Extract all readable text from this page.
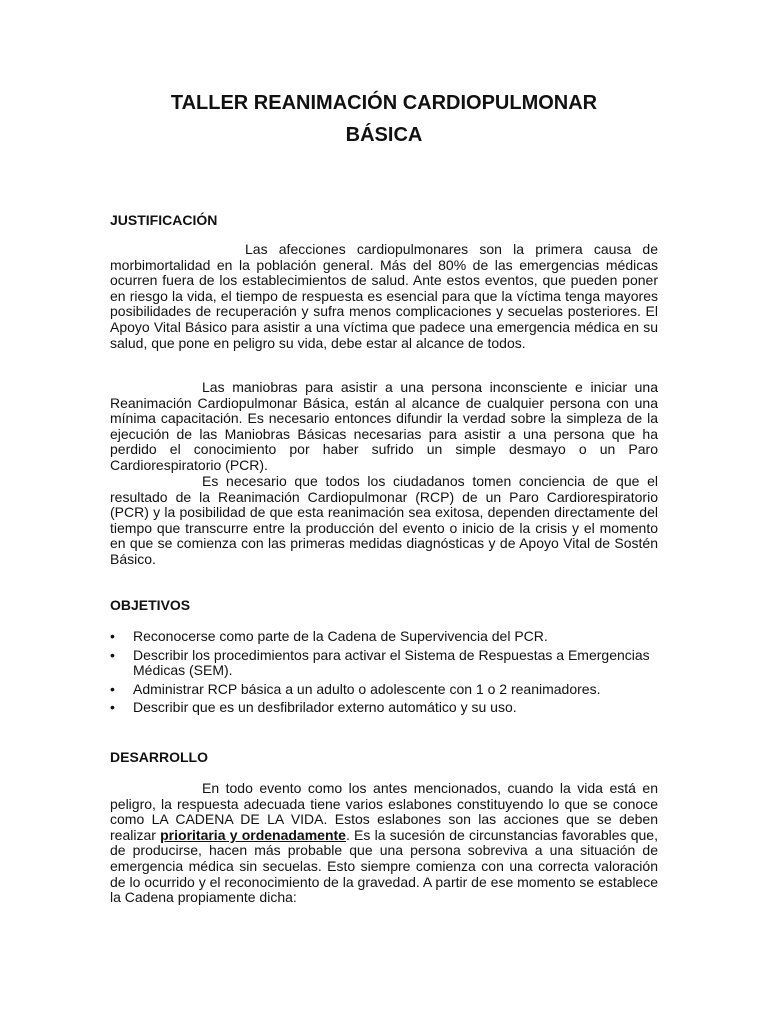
TALLER REANIMACIÓN CARDIOPULMONAR
BÁSICA
JUSTIFICACIÓN

Las afecciones cardiopulmonares son la primera causa de morbimortalidad en la población general. Más del 80% de las emergencias médicas ocurren fuera de los establecimientos de salud. Ante estos eventos, que pueden poner en riesgo la vida, el tiempo de respuesta es esencial para que la víctima tenga mayores posibilidades de recuperación y sufra menos complicaciones y secuelas posteriores. El Apoyo Vital Básico para asistir a una víctima que padece una emergencia médica en su salud, que pone en peligro su vida, debe estar al alcance de todos.

Las maniobras para asistir a una persona inconsciente e iniciar una Reanimación Cardiopulmonar Básica, están al alcance de cualquier persona con una mínima capacitación. Es necesario entonces difundir la verdad sobre la simpleza de la ejecución de las Maniobras Básicas necesarias para asistir a una persona que ha perdido el conocimiento por haber sufrido un simple desmayo o un Paro Cardiorespiratorio (PCR).

Es necesario que todos los ciudadanos tomen conciencia de que el resultado de la Reanimación Cardiopulmonar (RCP) de un Paro Cardiorespiratorio (PCR) y la posibilidad de que esta reanimación sea exitosa, dependen directamente del tiempo que transcurre entre la producción del evento o inicio de la crisis y el momento en que se comienza con las primeras medidas diagnósticas y de Apoyo Vital de Sostén Básico.

OBJETIVOS
• Reconocerse como parte de la Cadena de Supervivencia del PCR.
• Describir los procedimientos para activar el Sistema de Respuestas a Emergencias Médicas (SEM).
• Administrar RCP básica a un adulto o adolescente con 1 o 2 reanimadores.
• Describir que es un desfibrilador externo automático y su uso.
DESARROLLO

En todo evento como los antes mencionados, cuando la vida está en peligro, la respuesta adecuada tiene varios eslabones constituyendo lo que se conoce como LA CADENA DE LA VIDA. Estos eslabones son las acciones que se deben realizar prioritaria y ordenadamente. Es la sucesión de circunstancias favorables que, de producirse, hacen más probable que una persona sobreviva a una situación de emergencia médica sin secuelas. Esto siempre comienza con una correcta valoración de lo ocurrido y el reconocimiento de la gravedad. A partir de ese momento se establece la Cadena propiamente dicha:
